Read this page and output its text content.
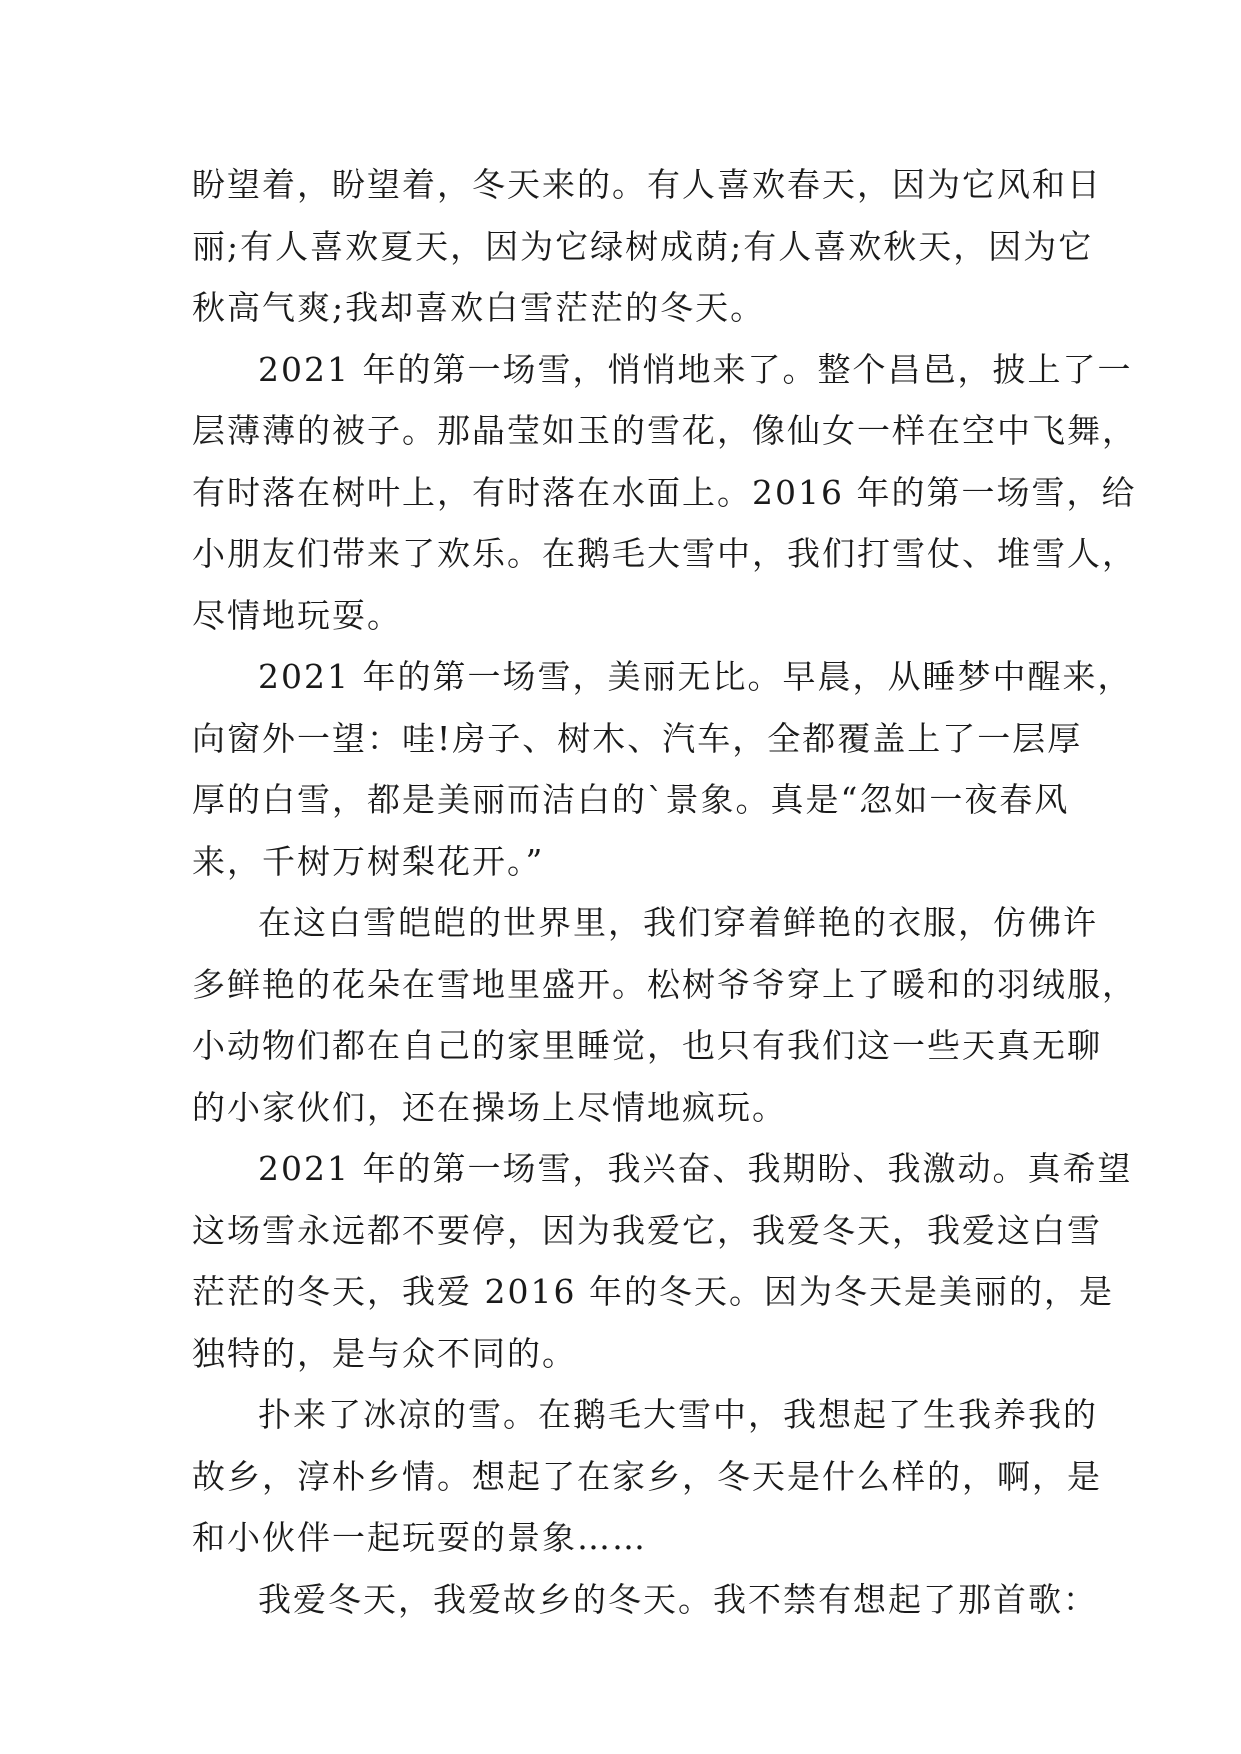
盼望着，盼望着，冬天来的。有人喜欢春天，因为它风和日
丽;有人喜欢夏天，因为它绿树成荫;有人喜欢秋天，因为它
秋高气爽;我却喜欢白雪茫茫的冬天。
2021 年的第一场雪，悄悄地来了。整个昌邑，披上了一
层薄薄的被子。那晶莹如玉的雪花，像仙女一样在空中飞舞，
有时落在树叶上，有时落在水面上。2016 年的第一场雪，给
小朋友们带来了欢乐。在鹅毛大雪中，我们打雪仗、堆雪人，
尽情地玩耍。
2021 年的第一场雪，美丽无比。早晨，从睡梦中醒来，
向窗外一望：哇!房子、树木、汽车，全都覆盖上了一层厚
厚的白雪，都是美丽而洁白的`景象。真是“忽如一夜春风
来，千树万树梨花开。”
在这白雪皑皑的世界里，我们穿着鲜艳的衣服，仿佛许
多鲜艳的花朵在雪地里盛开。松树爷爷穿上了暖和的羽绒服，
小动物们都在自己的家里睡觉，也只有我们这一些天真无聊
的小家伙们，还在操场上尽情地疯玩。
2021 年的第一场雪，我兴奋、我期盼、我激动。真希望
这场雪永远都不要停，因为我爱它，我爱冬天，我爱这白雪
茫茫的冬天，我爱 2016 年的冬天。因为冬天是美丽的，是
独特的，是与众不同的。
扑来了冰凉的雪。在鹅毛大雪中，我想起了生我养我的
故乡，淳朴乡情。想起了在家乡，冬天是什么样的，啊，是
和小伙伴一起玩耍的景象……
我爱冬天，我爱故乡的冬天。我不禁有想起了那首歌：
